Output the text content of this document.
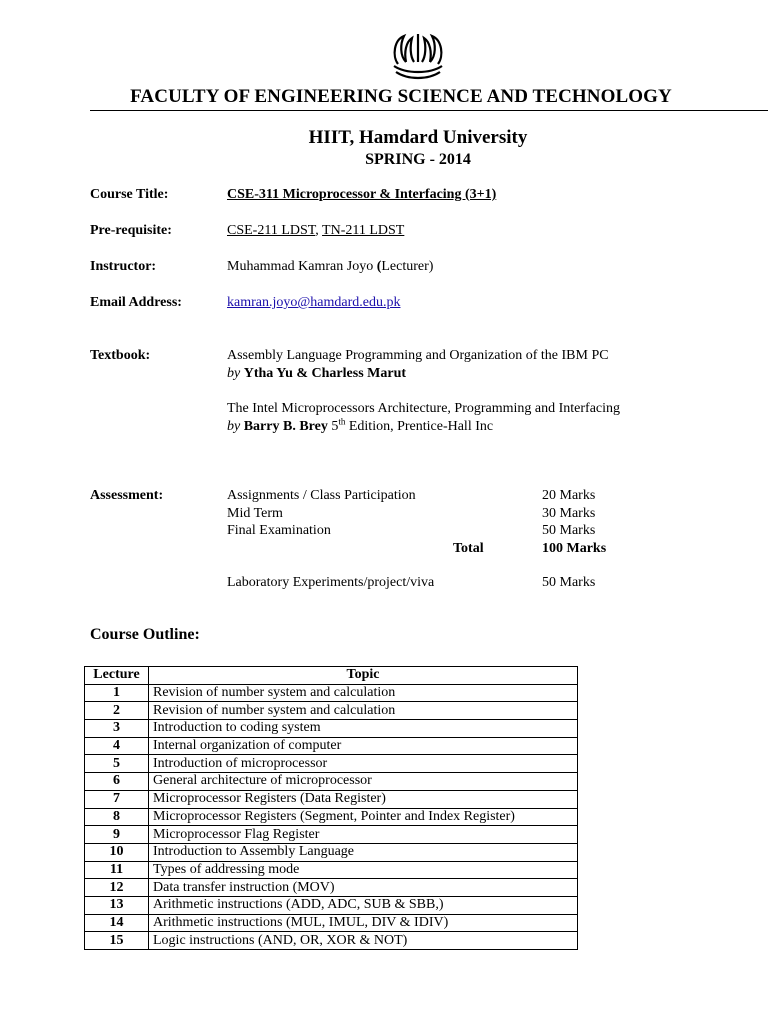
FACULTY OF ENGINEERING SCIENCE AND TECHNOLOGY
HIIT, Hamdard University
SPRING - 2014
Course Title:	CSE-311 Microprocessor & Interfacing (3+1)
Pre-requisite:	CSE-211 LDST, TN-211 LDST
Instructor:	Muhammad Kamran Joyo (Lecturer)
Email Address:	kamran.joyo@hamdard.edu.pk
Textbook:	Assembly Language Programming and Organization of the IBM PC
by Ytha Yu & Charless Marut
The Intel Microprocessors Architecture, Programming and Interfacing
by Barry B. Brey 5th Edition, Prentice-Hall Inc
Assessment:	Assignments / Class Participation	20 Marks
Mid Term	30 Marks
Final Examination	50 Marks
Total	100 Marks
Laboratory Experiments/project/viva	50 Marks
Course Outline:
Lecture	Topic
1	Revision of number system and calculation
2	Revision of number system and calculation
3	Introduction to coding system
4	Internal organization of computer
5	Introduction of microprocessor
6	General architecture of microprocessor
7	Microprocessor Registers (Data Register)
8	Microprocessor Registers (Segment, Pointer and Index Register)
9	Microprocessor Flag Register
10	Introduction to Assembly Language
11	Types of addressing mode
12	Data transfer instruction (MOV)
13	Arithmetic instructions (ADD, ADC, SUB & SBB,)
14	Arithmetic instructions (MUL, IMUL, DIV & IDIV)
15	Logic instructions (AND, OR, XOR & NOT)
